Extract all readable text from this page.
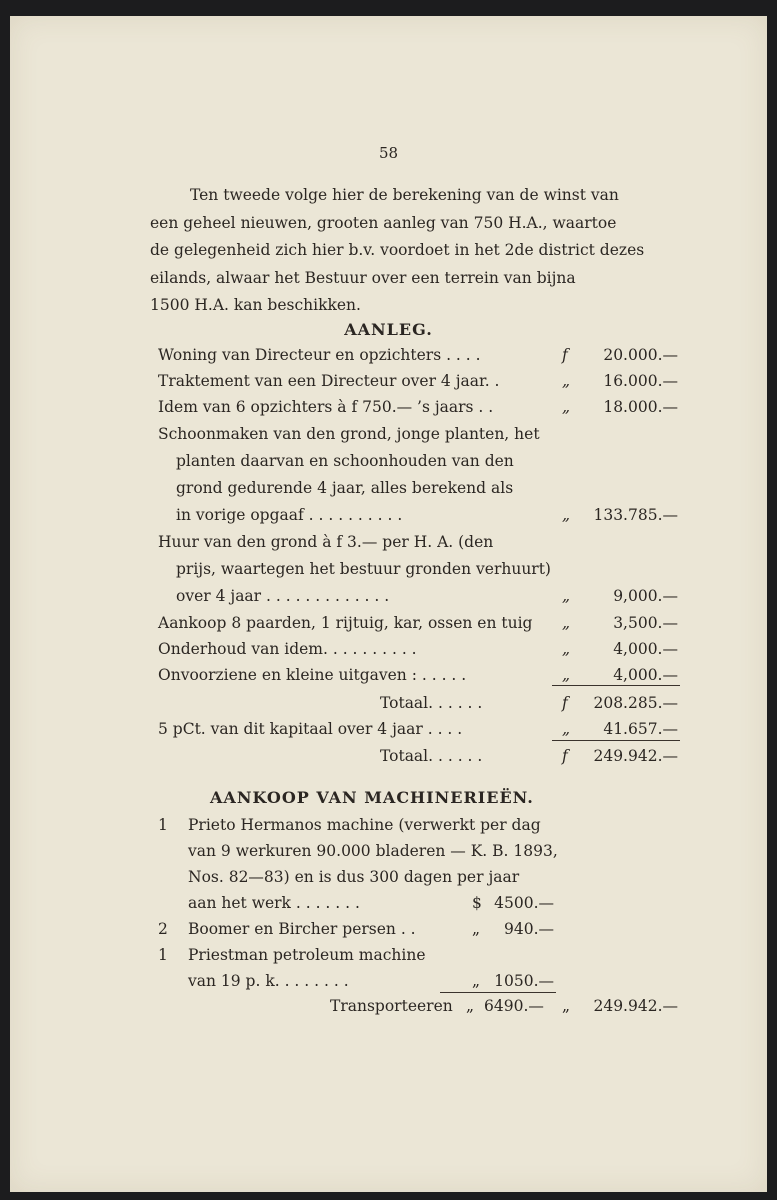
58
Ten tweede volge hier de berekening van de winst van
een geheel nieuwen, grooten aanleg van 750 H.A., waartoe
de gelegenheid zich hier b.v. voordoet in het 2de district dezes
eilands, alwaar het Bestuur over een terrein van bijna
1500 H.A. kan beschikken.
AANLEG.
Woning van Directeur en opzichters . . . .	f	20.000.—
Traktement van een Directeur over 4 jaar. .	„	16.000.—
Idem van 6 opzichters à f 750.— ’s jaars . .	„	18.000.—
Schoonmaken van den grond, jonge planten, het
planten daarvan en schoonhouden van den
grond gedurende 4 jaar, alles berekend als
in vorige opgaaf . . . . . . . . . .	„	133.785.—
Huur van den grond à f 3.— per H. A. (den
prijs, waartegen het bestuur gronden verhuurt)
over 4 jaar . . . . . . . . . . . . .	„	9,000.—
Aankoop 8 paarden, 1 rijtuig, kar, ossen en tuig „	3,500.—
Onderhoud van idem. . . . . . . . . .	„	4,000.—
Onvoorziene en kleine uitgaven : . . . . .	„	4,000.—
Totaal. . . . . .	f	208.285.—
5 pCt. van dit kapitaal over 4 jaar . . . .	„	41.657.—
Totaal. . . . . .	f	249.942.—
AANKOOP VAN MACHINERIEËN.
1 Prieto Hermanos machine (verwerkt per dag
van 9 werkuren 90.000 bladeren — K. B. 1893,
Nos. 82—83) en is dus 300 dagen per jaar
aan het werk . . . . . . .	$ 4500.—
2 Boomer en Bircher persen . .	„	940.—
1 Priestman petroleum machine
van 19 p. k. . . . . . . .	„ 1050.—
Transporteeren „ 6490.— „	249.942.—
